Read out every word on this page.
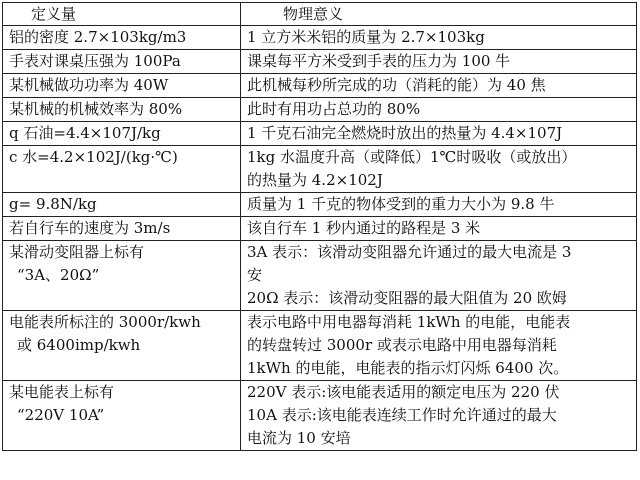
定义量	物理意义

铝的密度 2.7×103kg/m3	1 立方米米铝的质量为 2.7×103kg

手表对课桌压强为 100Pa	课桌每平方米受到手表的压力为 100 牛

某机械做功功率为 40W	此机械每秒所完成的功（消耗的能）为 40 焦

某机械的机械效率为 80%	此时有用功占总功的 80%

q 石油=4.4×107J/kg	1 千克石油完全燃烧时放出的热量为 4.4×107J

c 水=4.2×102J/(kg·℃)	1kg 水温度升高（或降低）1℃时吸收（或放出）
的热量为 4.2×102J

g= 9.8N/kg	质量为 1 千克的物体受到的重力大小为 9.8 牛

若自行车的速度为 3m/s	该自行车 1 秒内通过的路程是 3 米

某滑动变阻器上标有
“3A、20Ω”	3A 表示：该滑动变阻器允许通过的最大电流是 3
安
20Ω 表示：该滑动变阻器的最大阻值为 20 欧姆

电能表所标注的 3000r/kwh
或 6400imp/kwh	表示电路中用电器每消耗 1kWh 的电能，电能表
的转盘转过 3000r 或表示电路中用电器每消耗
1kWh 的电能，电能表的指示灯闪烁 6400 次。

某电能表上标有
“220V 10A”	220V 表示:该电能表适用的额定电压为 220 伏
10A 表示:该电能表连续工作时允许通过的最大
电流为 10 安培
